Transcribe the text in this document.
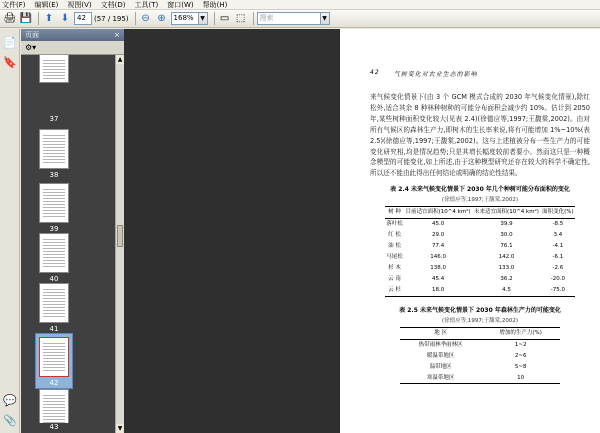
文件(F) 编辑(E) 视图(V) 文档(D) 工具(T) 窗口(W) 帮助(H)
🖨 💾 ⬆ ⬇	42	(57 / 195) ⊖ ⊕	168%	▼ ▭ ⬚	搜索	▼
📄
🔖
💬
📎
页面	×
⚙▾
37
38
39
40
41
42
43
▲
▼
42 气候变化对农业生态的影响

来气候变化情景下(由 3 个 GCM 模式合成的 2030 年气候变化情景),除红松外,适合其余 8 种林种树种的可能分布面积会减少约 10%。估计到 2050 年,某些树种面积变化较大(见表 2.4)(徐德应等,1997;王馥棠,2002)。由对所有气候区的森林生产力,即树木的生长率来说,将有可能增加 1%~10%(表 2.5)(徐德应等,1997;王馥棠,2002)。这与上述植被分布一些生产力的可能变化研究相,均是情况趋势;只是其增长幅度较前者要小。然而这只是一种概念模型的可能变化,如上所述,由于这种模型研究还存在较大的科学不确定性,所以还不能由此得出任何结论或明确的结论性结果。

表 2.4 未来气候变化情景下 2030 年几个种树可能分布面积的变化
(徐德应等,1997;王馥棠,2002)
树 种	目前适宜面积(10^4 km²)	未来适宜面积(10^4 km²)	面积变化(%)
落叶松	45.0	39.9	-8.5
红 松	29.0	30.0	3.4
油 松	77.4	76.1	-4.1
马尾松	146.0	142.0	-6.1
杉 木	138.0	133.0	-2.6
云 南	45.4	36.2	-20.0
云 杉	18.0	4.5	-75.0
表 2.5 未来气候变化情景下 2030 年森林生产力的可能变化
(徐德应等,1997;王馥棠,2002)
地 区	增加的生产力(%)
热带雨林季雨林区	1~2
暖温带地区	2~6
温带地区	5~8
寒温带地区	10
